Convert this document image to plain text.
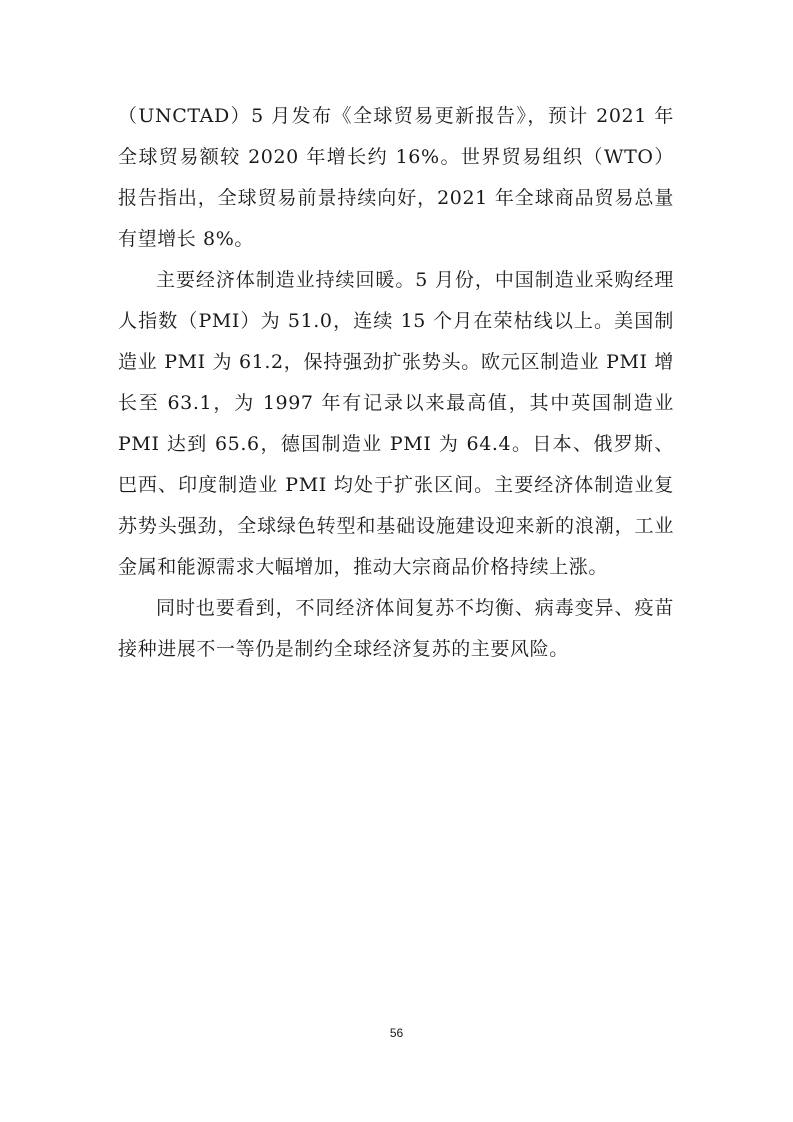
（UNCTAD）5 月发布《全球贸易更新报告》，预计 2021 年全球贸易额较 2020 年增长约 16%。世界贸易组织（WTO）报告指出，全球贸易前景持续向好，2021 年全球商品贸易总量有望增长 8%。

主要经济体制造业持续回暖。5 月份，中国制造业采购经理人指数（PMI）为 51.0，连续 15 个月在荣枯线以上。美国制造业 PMI 为 61.2，保持强劲扩张势头。欧元区制造业 PMI 增长至 63.1，为 1997 年有记录以来最高值，其中英国制造业 PMI 达到 65.6，德国制造业 PMI 为 64.4。日本、俄罗斯、巴西、印度制造业 PMI 均处于扩张区间。主要经济体制造业复苏势头强劲，全球绿色转型和基础设施建设迎来新的浪潮，工业金属和能源需求大幅增加，推动大宗商品价格持续上涨。

同时也要看到，不同经济体间复苏不均衡、病毒变异、疫苗接种进展不一等仍是制约全球经济复苏的主要风险。

56
